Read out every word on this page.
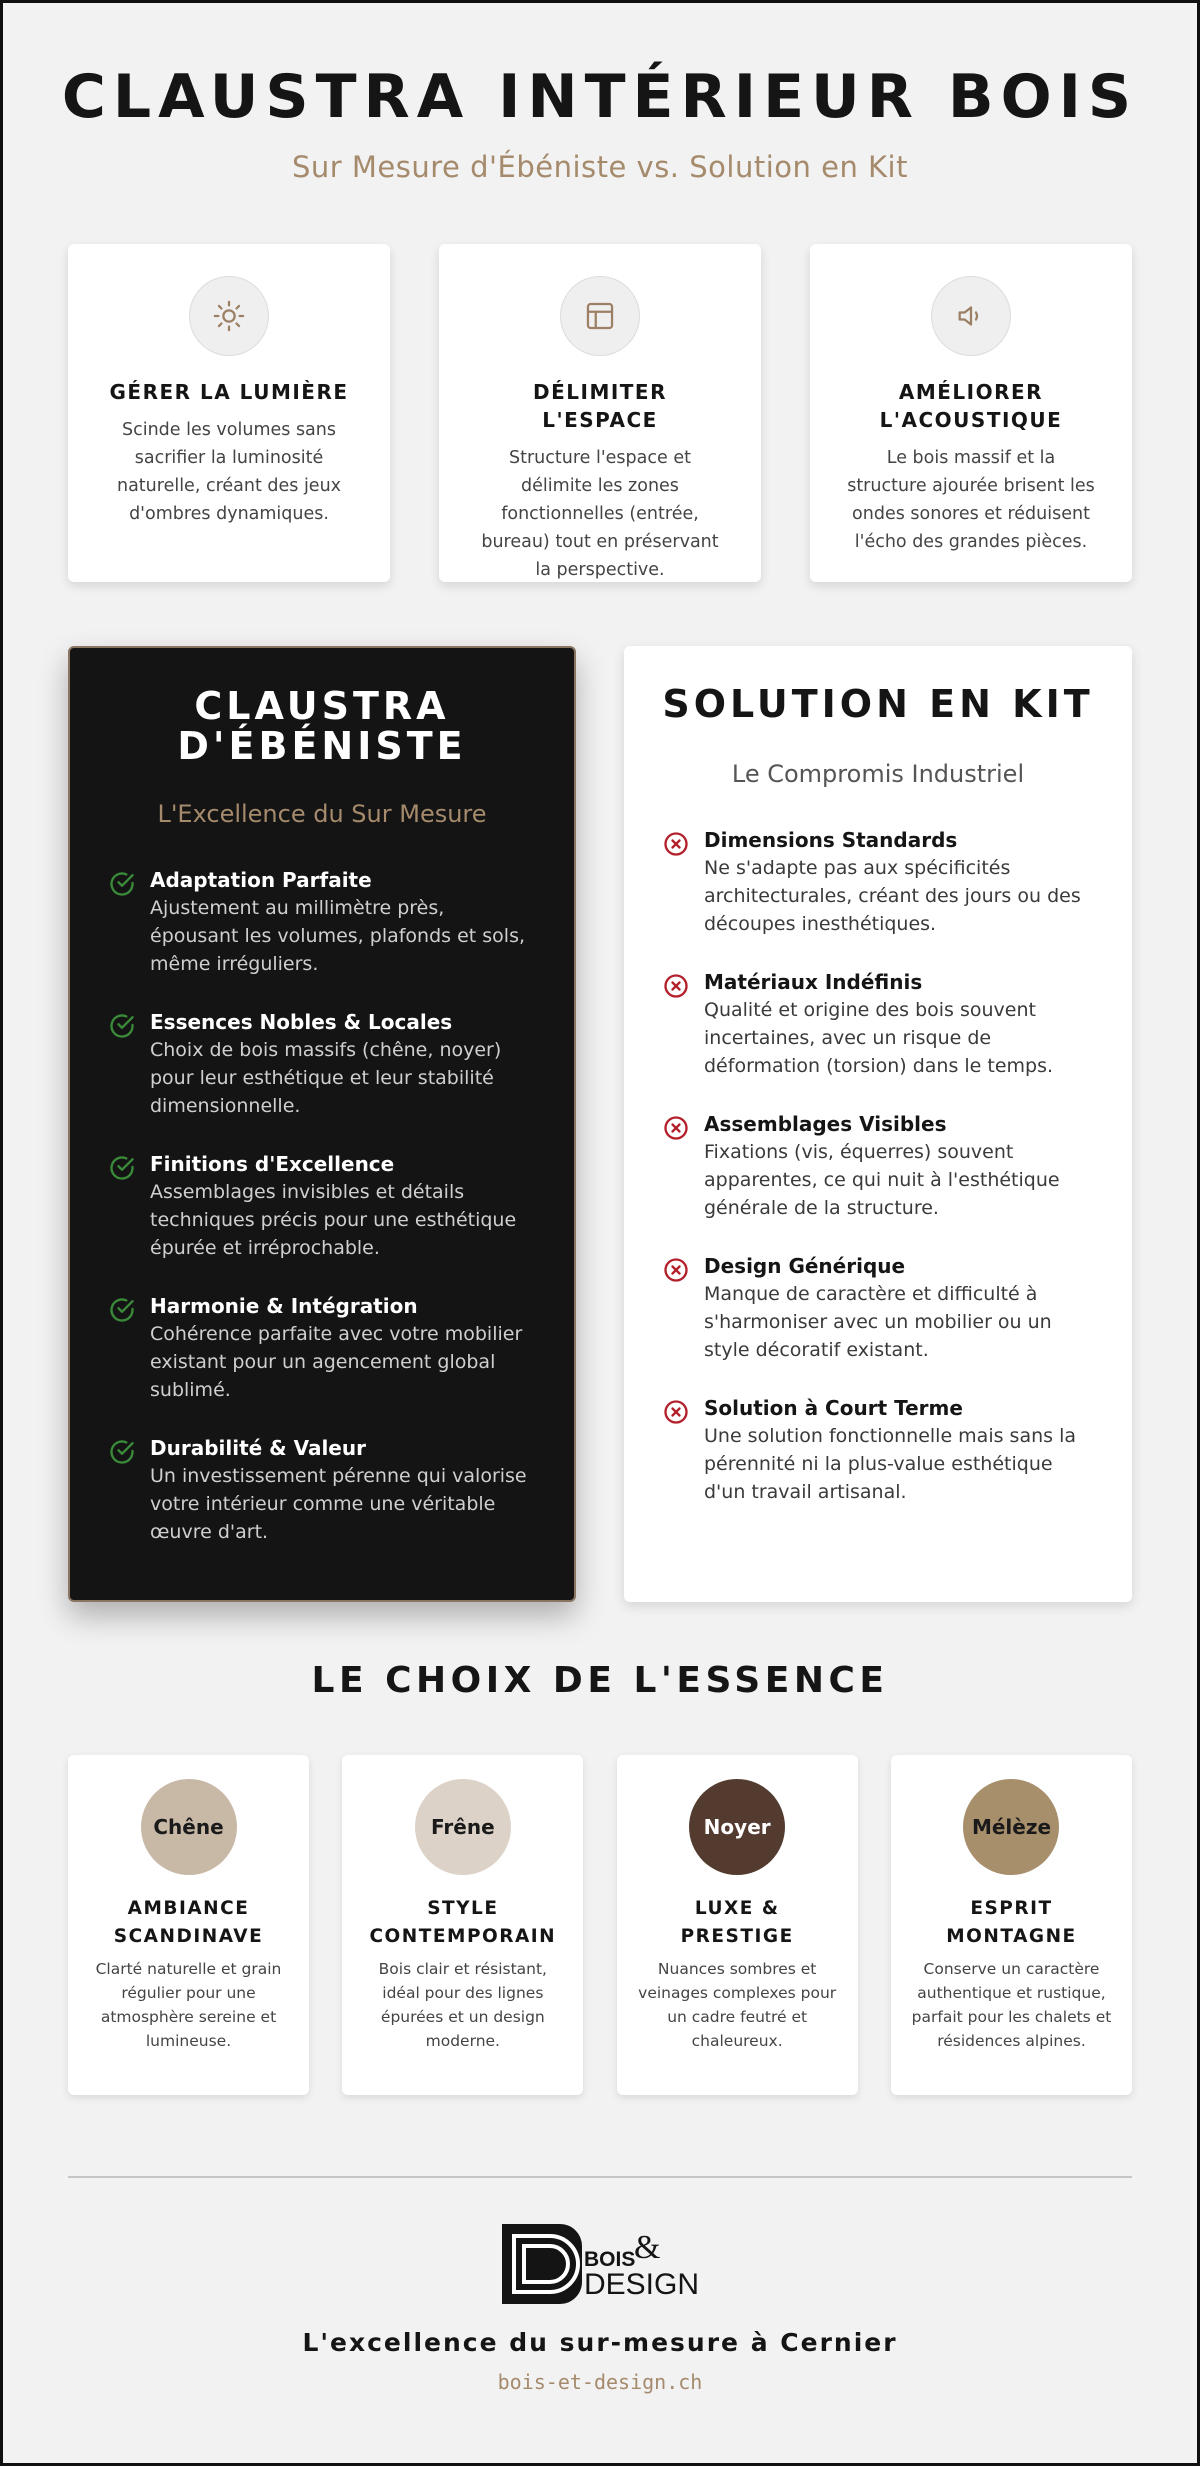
CLAUSTRA INTÉRIEUR BOIS
Sur Mesure d'Ébéniste vs. Solution en Kit
GÉRER LA LUMIÈRE
Scinde les volumes sans sacrifier la luminosité naturelle, créant des jeux d'ombres dynamiques.
DÉLIMITER L'ESPACE
Structure l'espace et délimite les zones fonctionnelles (entrée, bureau) tout en préservant la perspective.
AMÉLIORER L'ACOUSTIQUE
Le bois massif et la structure ajourée brisent les ondes sonores et réduisent l'écho des grandes pièces.
CLAUSTRA D'ÉBÉNISTE
L'Excellence du Sur Mesure
Adaptation Parfaite
Ajustement au millimètre près, épousant les volumes, plafonds et sols, même irréguliers.
Essences Nobles & Locales
Choix de bois massifs (chêne, noyer) pour leur esthétique et leur stabilité dimensionnelle.
Finitions d'Excellence
Assemblages invisibles et détails techniques précis pour une esthétique épurée et irréprochable.
Harmonie & Intégration
Cohérence parfaite avec votre mobilier existant pour un agencement global sublimé.
Durabilité & Valeur
Un investissement pérenne qui valorise votre intérieur comme une véritable œuvre d'art.
SOLUTION EN KIT
Le Compromis Industriel
Dimensions Standards
Ne s'adapte pas aux spécificités architecturales, créant des jours ou des découpes inesthétiques.
Matériaux Indéfinis
Qualité et origine des bois souvent incertaines, avec un risque de déformation (torsion) dans le temps.
Assemblages Visibles
Fixations (vis, équerres) souvent apparentes, ce qui nuit à l'esthétique générale de la structure.
Design Générique
Manque de caractère et difficulté à s'harmoniser avec un mobilier ou un style décoratif existant.
Solution à Court Terme
Une solution fonctionnelle mais sans la pérennité ni la plus-value esthétique d'un travail artisanal.
LE CHOIX DE L'ESSENCE
Chêne
AMBIANCE SCANDINAVE
Clarté naturelle et grain régulier pour une atmosphère sereine et lumineuse.
Frêne
STYLE CONTEMPORAIN
Bois clair et résistant, idéal pour des lignes épurées et un design moderne.
Noyer
LUXE & PRESTIGE
Nuances sombres et veinages complexes pour un cadre feutré et chaleureux.
Mélèze
ESPRIT MONTAGNE
Conserve un caractère authentique et rustique, parfait pour les chalets et résidences alpines.
BOIS
&
DESIGN
L'excellence du sur-mesure à Cernier
bois-et-design.ch
